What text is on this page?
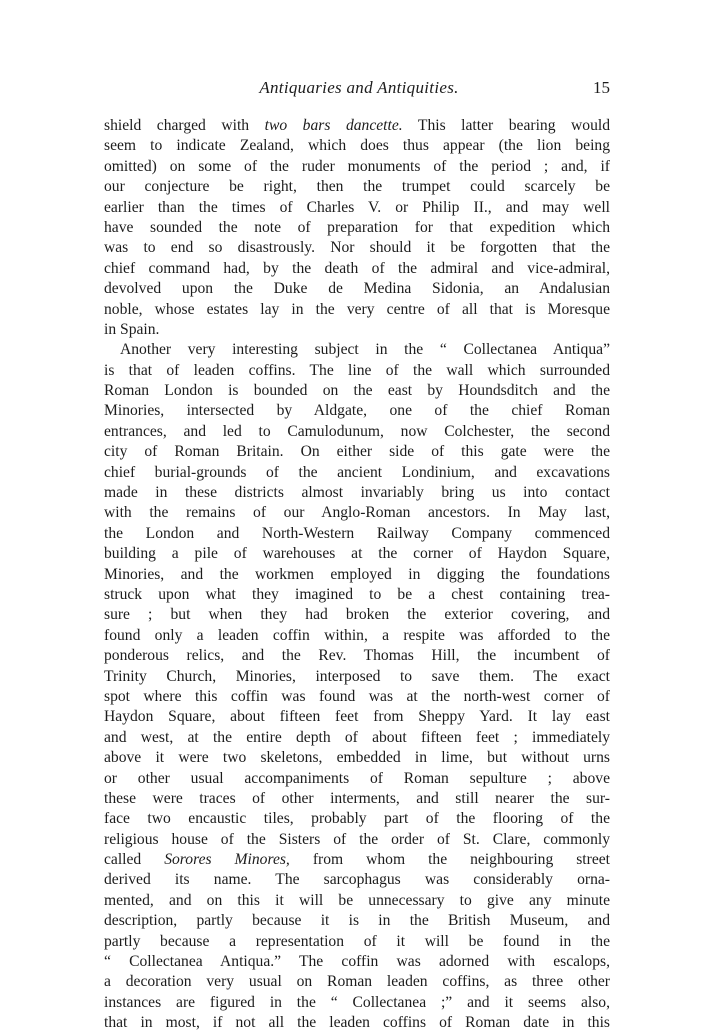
Antiquaries and Antiquities.	15
shield charged with two bars dancette. This latter bearing would
seem to indicate Zealand, which does thus appear (the lion being
omitted) on some of the ruder monuments of the period ; and, if
our conjecture be right, then the trumpet could scarcely be
earlier than the times of Charles V. or Philip II., and may well
have sounded the note of preparation for that expedition which
was to end so disastrously. Nor should it be forgotten that the
chief command had, by the death of the admiral and vice-admiral,
devolved upon the Duke de Medina Sidonia, an Andalusian
noble, whose estates lay in the very centre of all that is Moresque
in Spain.
Another very interesting subject in the “ Collectanea Antiqua”
is that of leaden coffins. The line of the wall which surrounded
Roman London is bounded on the east by Houndsditch and the
Minories, intersected by Aldgate, one of the chief Roman
entrances, and led to Camulodunum, now Colchester, the second
city of Roman Britain. On either side of this gate were the
chief burial-grounds of the ancient Londinium, and excavations
made in these districts almost invariably bring us into contact
with the remains of our Anglo-Roman ancestors. In May last,
the London and North-Western Railway Company commenced
building a pile of warehouses at the corner of Haydon Square,
Minories, and the workmen employed in digging the foundations
struck upon what they imagined to be a chest containing trea-
sure ; but when they had broken the exterior covering, and
found only a leaden coffin within, a respite was afforded to the
ponderous relics, and the Rev. Thomas Hill, the incumbent of
Trinity Church, Minories, interposed to save them. The exact
spot where this coffin was found was at the north-west corner of
Haydon Square, about fifteen feet from Sheppy Yard. It lay east
and west, at the entire depth of about fifteen feet ; immediately
above it were two skeletons, embedded in lime, but without urns
or other usual accompaniments of Roman sepulture ; above
these were traces of other interments, and still nearer the sur-
face two encaustic tiles, probably part of the flooring of the
religious house of the Sisters of the order of St. Clare, commonly
called Sorores Minores, from whom the neighbouring street
derived its name. The sarcophagus was considerably orna-
mented, and on this it will be unnecessary to give any minute
description, partly because it is in the British Museum, and
partly because a representation of it will be found in the
“ Collectanea Antiqua.” The coffin was adorned with escalops,
a decoration very usual on Roman leaden coffins, as three other
instances are figured in the “ Collectanea ;” and it seems also,
that in most, if not all the leaden coffins of Roman date in this
